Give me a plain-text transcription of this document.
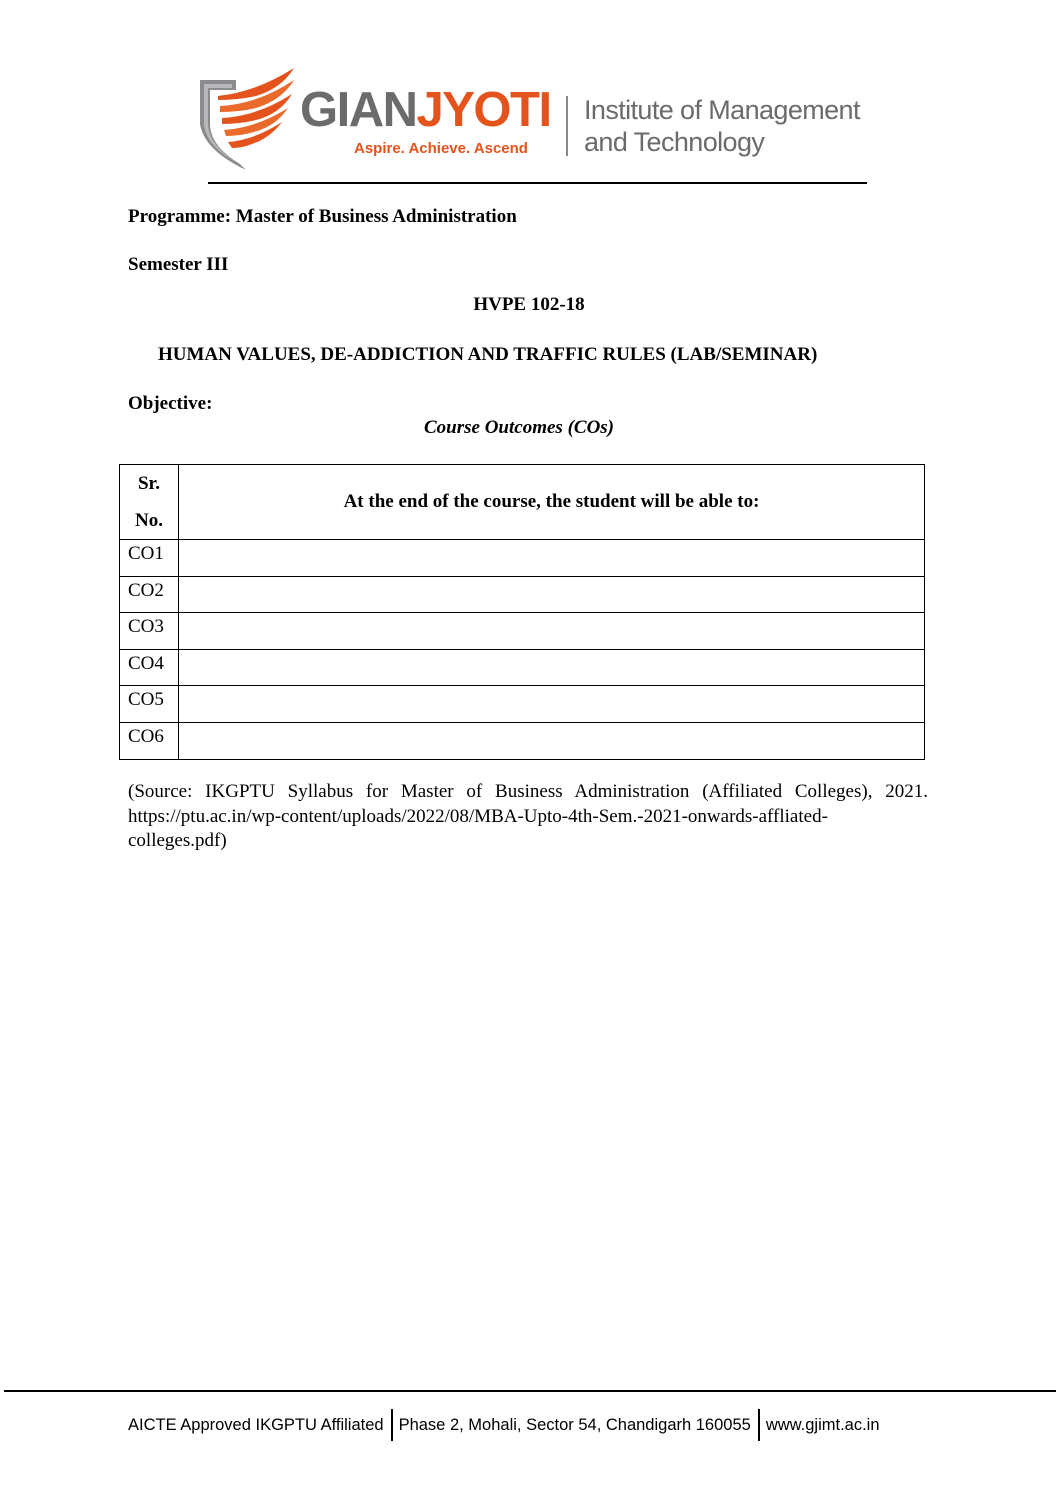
GIANJYOTI
Aspire. Achieve. Ascend
Institute of Management
and Technology
Programme: Master of Business Administration
Semester III
HVPE 102-18
HUMAN VALUES, DE-ADDICTION AND TRAFFIC RULES (LAB/SEMINAR)
Objective:
Course Outcomes (COs)
Sr.
No.	At the end of the course, the student will be able to:
CO1	
CO2	
CO3	
CO4	
CO5	
CO6	
(Source: IKGPTU Syllabus for Master of Business Administration (Affiliated Colleges), 2021.
https://ptu.ac.in/wp-content/uploads/2022/08/MBA-Upto-4th-Sem.-2021-onwards-affliated-
colleges.pdf)
AICTE Approved IKGPTU Affiliated Phase 2, Mohali, Sector 54, Chandigarh 160055 www.gjimt.ac.in
